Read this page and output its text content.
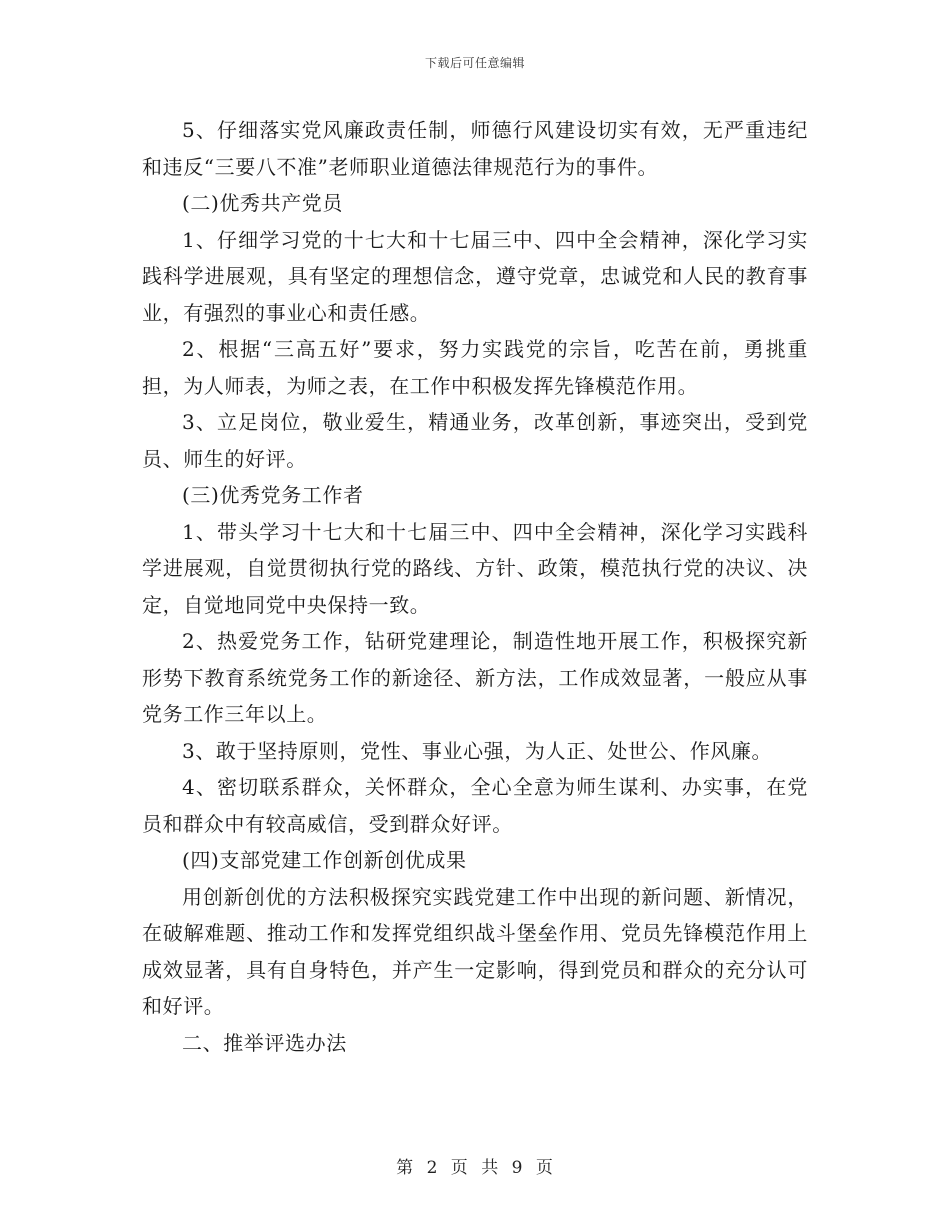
下载后可任意编辑

5、仔细落实党风廉政责任制，师德行风建设切实有效，无严重违纪和违反“三要八不准”老师职业道德法律规范行为的事件。

(二)优秀共产党员

1、仔细学习党的十七大和十七届三中、四中全会精神，深化学习实践科学进展观，具有坚定的理想信念，遵守党章，忠诚党和人民的教育事业，有强烈的事业心和责任感。

2、根据“三高五好”要求，努力实践党的宗旨，吃苦在前，勇挑重担，为人师表，为师之表，在工作中积极发挥先锋模范作用。

3、立足岗位，敬业爱生，精通业务，改革创新，事迹突出，受到党员、师生的好评。

(三)优秀党务工作者

1、带头学习十七大和十七届三中、四中全会精神，深化学习实践科学进展观，自觉贯彻执行党的路线、方针、政策，模范执行党的决议、决定，自觉地同党中央保持一致。

2、热爱党务工作，钻研党建理论，制造性地开展工作，积极探究新形势下教育系统党务工作的新途径、新方法，工作成效显著，一般应从事党务工作三年以上。

3、敢于坚持原则，党性、事业心强，为人正、处世公、作风廉。

4、密切联系群众，关怀群众，全心全意为师生谋利、办实事，在党员和群众中有较高威信，受到群众好评。

(四)支部党建工作创新创优成果

用创新创优的方法积极探究实践党建工作中出现的新问题、新情况，在破解难题、推动工作和发挥党组织战斗堡垒作用、党员先锋模范作用上成效显著，具有自身特色，并产生一定影响，得到党员和群众的充分认可和好评。

二、推举评选办法

第 2 页 共 9 页
